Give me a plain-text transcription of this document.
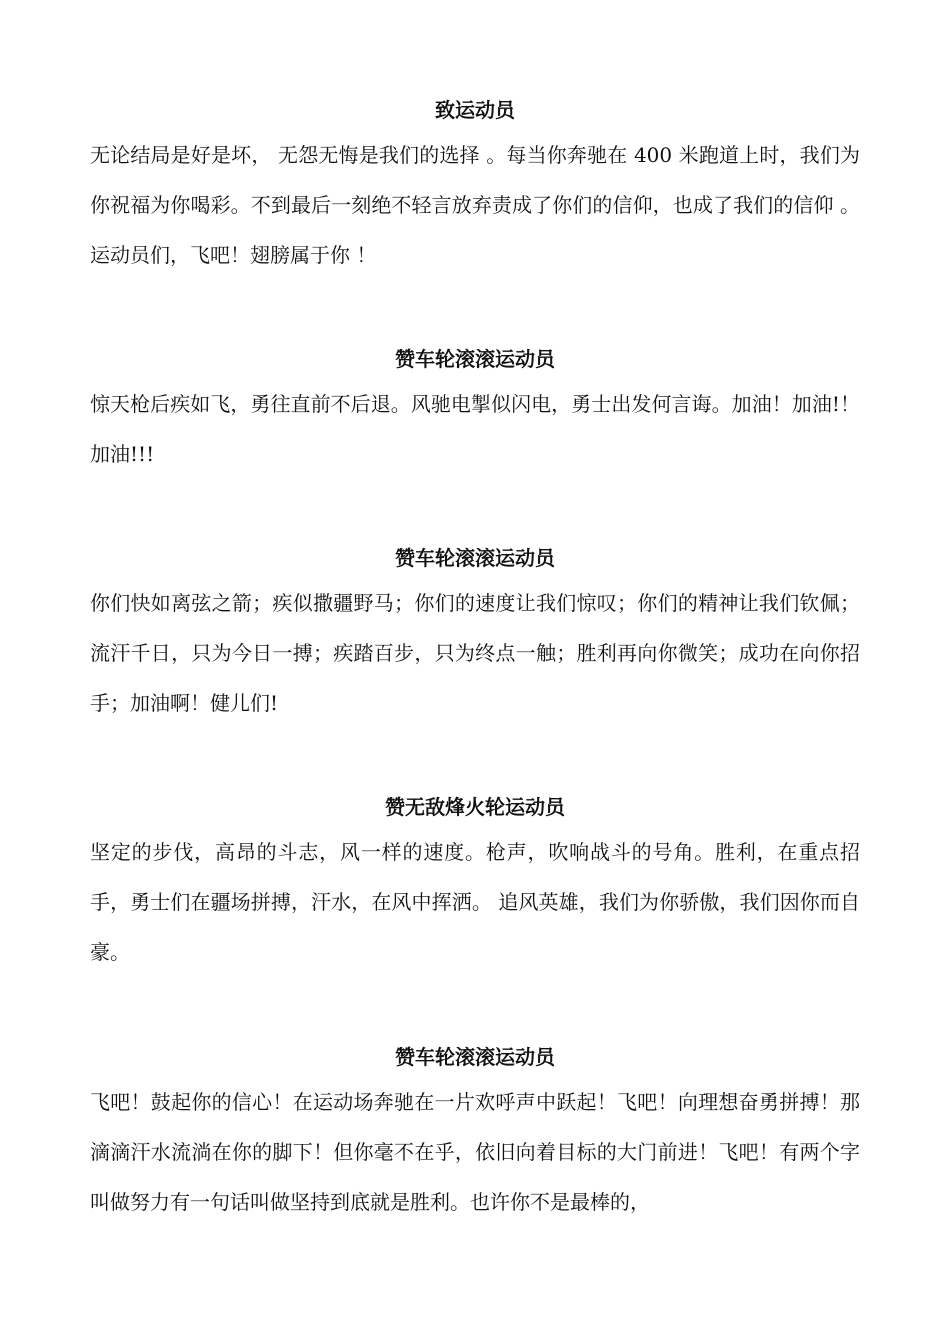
致运动员

无论结局是好是坏， 无怨无悔是我们的选择 。每当你奔驰在 400 米跑道上时，我们为你祝福为你喝彩。不到最后一刻绝不轻言放弃责成了你们的信仰，也成了我们的信仰 。运动员们，飞吧！翅膀属于你 ！

赞车轮滚滚运动员

惊天枪后疾如飞，勇往直前不后退。风驰电掣似闪电，勇士出发何言诲。加油！加油!！加油!!!

赞车轮滚滚运动员

你们快如离弦之箭；疾似撒疆野马；你们的速度让我们惊叹；你们的精神让我们钦佩；流汗千日，只为今日一搏；疾踏百步，只为终点一触；胜利再向你微笑；成功在向你招手；加油啊！健儿们!

赞无敌烽火轮运动员

坚定的步伐，高昂的斗志，风一样的速度。枪声，吹响战斗的号角。胜利，在重点招手，勇士们在疆场拼搏，汗水，在风中挥洒。 追风英雄，我们为你骄傲，我们因你而自豪。

赞车轮滚滚运动员

飞吧！鼓起你的信心！在运动场奔驰在一片欢呼声中跃起！飞吧！向理想奋勇拼搏！那滴滴汗水流淌在你的脚下！但你毫不在乎，依旧向着目标的大门前进！飞吧！有两个字叫做努力有一句话叫做坚持到底就是胜利。也许你不是最棒的，
